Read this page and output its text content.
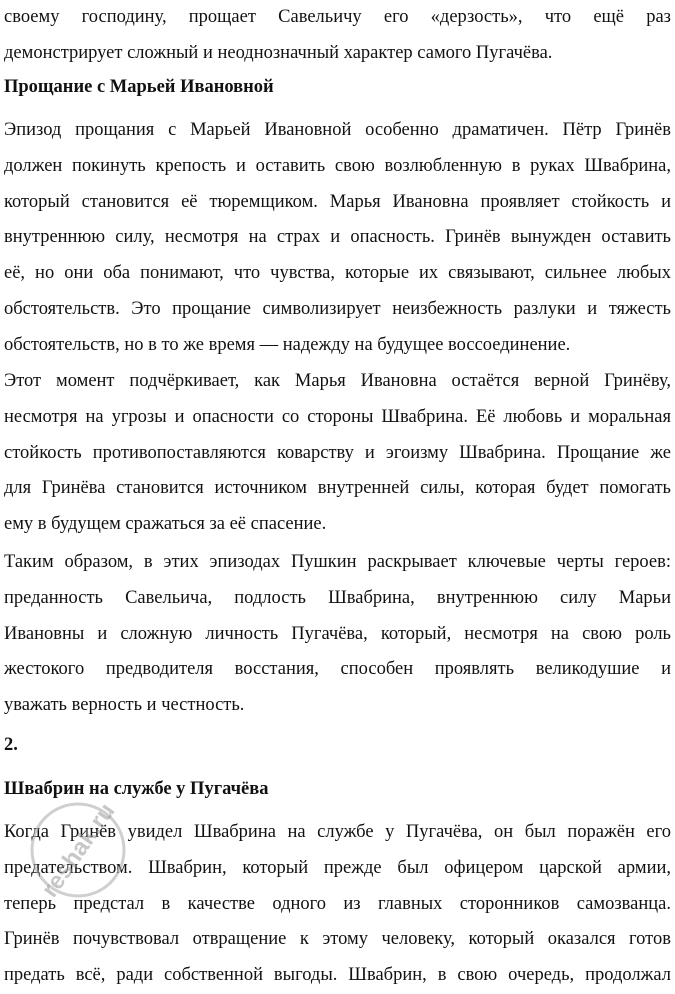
своему господину, прощает Савельичу его «дерзость», что ещё раз
демонстрирует сложный и неоднозначный характер самого Пугачёва.
Прощание с Марьей Ивановной
Эпизод прощания с Марьей Ивановной особенно драматичен. Пётр Гринёв
должен покинуть крепость и оставить свою возлюбленную в руках Швабрина,
который становится её тюремщиком. Марья Ивановна проявляет стойкость и
внутреннюю силу, несмотря на страх и опасность. Гринёв вынужден оставить
её, но они оба понимают, что чувства, которые их связывают, сильнее любых
обстоятельств. Это прощание символизирует неизбежность разлуки и тяжесть
обстоятельств, но в то же время — надежду на будущее воссоединение.
Этот момент подчёркивает, как Марья Ивановна остаётся верной Гринёву,
несмотря на угрозы и опасности со стороны Швабрина. Её любовь и моральная
стойкость противопоставляются коварству и эгоизму Швабрина. Прощание же
для Гринёва становится источником внутренней силы, которая будет помогать
ему в будущем сражаться за её спасение.
Таким образом, в этих эпизодах Пушкин раскрывает ключевые черты героев:
преданность Савельича, подлость Швабрина, внутреннюю силу Марьи
Ивановны и сложную личность Пугачёва, который, несмотря на свою роль
жестокого предводителя восстания, способен проявлять великодушие и
уважать верность и честность.
2.
Швабрин на службе у Пугачёва
Когда Гринёв увидел Швабрина на службе у Пугачёва, он был поражён его
предательством. Швабрин, который прежде был офицером царской армии,
теперь предстал в качестве одного из главных сторонников самозванца.
Гринёв почувствовал отвращение к этому человеку, который оказался готов
предать всё, ради собственной выгоды. Швабрин, в свою очередь, продолжал
reshak.ru
